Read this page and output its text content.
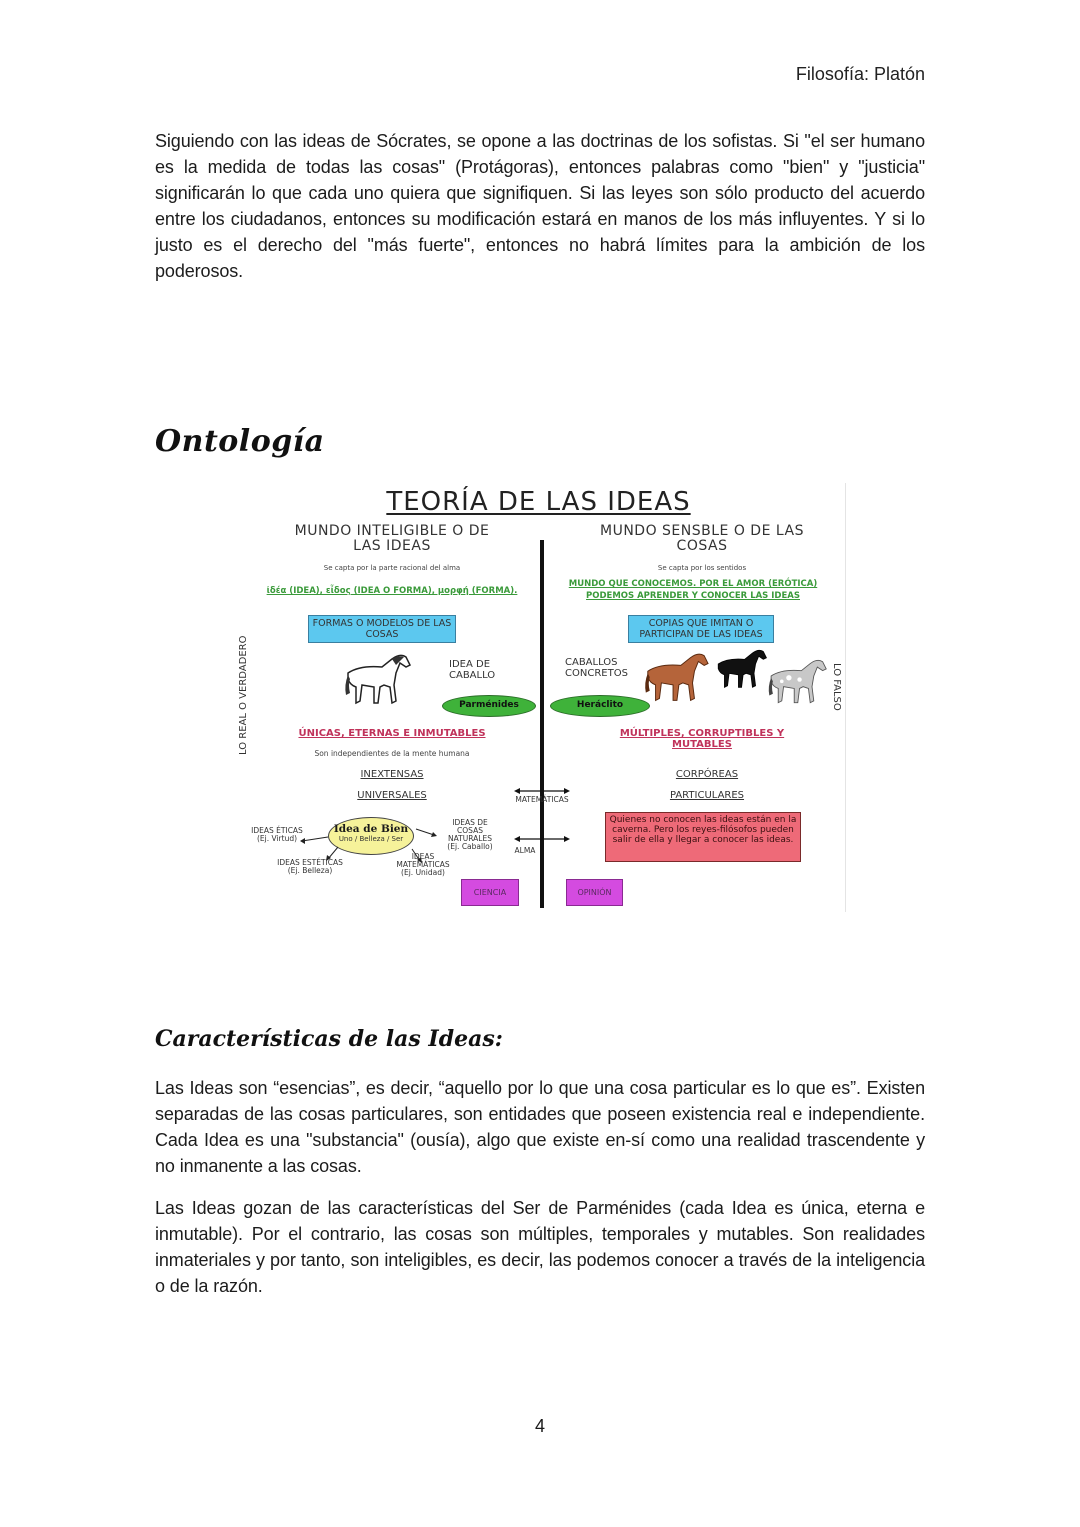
Filosofía: Platón

Siguiendo con las ideas de Sócrates, se opone a las doctrinas de los sofistas. Si "el ser humano es la medida de todas las cosas" (Protágoras), entonces palabras como "bien" y "justicia" significarán lo que cada uno quiera que signifiquen. Si las leyes son sólo producto del acuerdo entre los ciudadanos, entonces su modificación estará en manos de los más influyentes. Y si lo justo es el derecho del "más fuerte", entonces no habrá límites para la ambición de los poderosos.

Ontología
TEORÍA DE LAS IDEAS
MUNDO INTELIGIBLE O DE
LAS IDEAS
Se capta por la parte racional del alma
ἰδέα (IDEA), εἶδος (IDEA O FORMA), μορφή (FORMA).
MUNDO SENSBLE O DE LAS
COSAS
Se capta por los sentidos
MUNDO QUE CONOCEMOS. POR EL AMOR (ERÓTICA)
PODEMOS APRENDER Y CONOCER LAS IDEAS
FORMAS O MODELOS DE LAS COSAS
COPIAS QUE IMITAN O PARTICIPAN DE LAS IDEAS
LO REAL O VERDADERO	LO FALSO
IDEA DE
CABALLO
CABALLOS
CONCRETOS
Parménides	Heráclito
ÚNICAS, ETERNAS E INMUTABLES
Son independientes de la mente humana
MÚLTIPLES, CORRUPTIBLES Y
MUTABLES
INEXTENSAS
UNIVERSALES
CORPÓREAS
PARTICULARES
MATEMÁTICAS
ALMA
Idea de Bien
Uno / Belleza / Ser
IDEAS ÉTICAS
(Ej. Virtud)
IDEAS ESTÉTICAS
(Ej. Belleza)
IDEAS
MATEMÁTICAS
(Ej. Unidad)
IDEAS DE
COSAS
NATURALES
(Ej. Caballo)
Quienes no conocen las ideas están en la caverna. Pero los reyes-filósofos pueden salir de ella y llegar a conocer las ideas.
CIENCIA	OPINIÓN
Características de las Ideas:

Las Ideas son “esencias”, es decir, “aquello por lo que una cosa particular es lo que es”. Existen separadas de las cosas particulares, son entidades que poseen existencia real e independiente. Cada Idea es una "substancia" (ousía), algo que existe en-sí como una realidad trascendente y no inmanente a las cosas.

Las Ideas gozan de las características del Ser de Parménides (cada Idea es única, eterna e inmutable). Por el contrario, las cosas son múltiples, temporales y mutables. Son realidades inmateriales y por tanto, son inteligibles, es decir, las podemos conocer a través de la inteligencia o de la razón.

4
